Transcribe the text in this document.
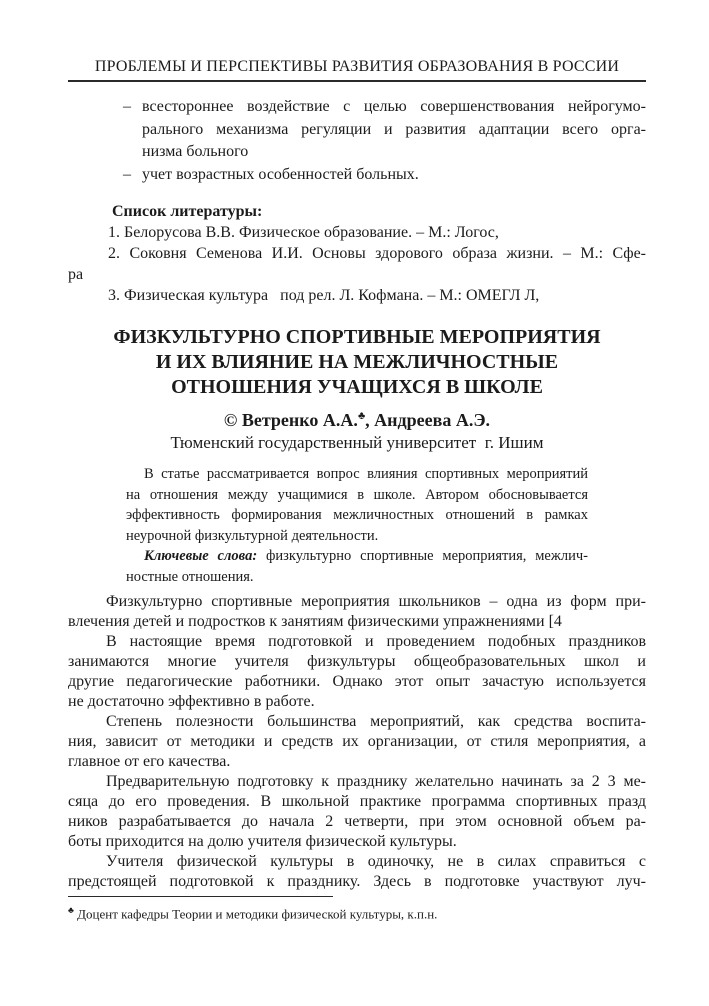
ПРОБЛЕМЫ И ПЕРСПЕКТИВЫ РАЗВИТИЯ ОБРАЗОВАНИЯ В РОССИИ
– всестороннее воздействие с целью совершенствования нейрогумо-
рального механизма регуляции и развития адаптации всего орга-
низма больного
– учет возрастных особенностей больных.
Список литературы:
1. Белорусова В.В. Физическое образование. – М.: Логос,
2. Соковня Семенова И.И. Основы здорового образа жизни. – М.: Сфе-
ра
3. Физическая культура   под рел. Л. Кофмана. – М.: ОМЕГЛ Л,
ФИЗКУЛЬТУРНО СПОРТИВНЫЕ МЕРОПРИЯТИЯ
И ИХ ВЛИЯНИЕ НА МЕЖЛИЧНОСТНЫЕ
ОТНОШЕНИЯ УЧАЩИХСЯ В ШКОЛЕ
© Ветренко А.А.♣, Андреева А.Э.
Тюменский государственный университет  г. Ишим
В статье рассматривается вопрос влияния спортивных мероприятий
на отношения между учащимися в школе. Автором обосновывается
эффективность формирования межличностных отношений в рамках
неурочной физкультурной деятельности.
Ключевые слова: физкультурно спортивные мероприятия, межлич-
ностные отношения.
Физкультурно спортивные мероприятия школьников – одна из форм при-
влечения детей и подростков к занятиям физическими упражнениями [4
В настоящие время подготовкой и проведением подобных праздников
занимаются многие учителя физкультуры общеобразовательных школ и
другие педагогические работники. Однако этот опыт зачастую используется
не достаточно эффективно в работе.
Степень полезности большинства мероприятий, как средства воспита-
ния, зависит от методики и средств их организации, от стиля мероприятия, а
главное от его качества.
Предварительную подготовку к празднику желательно начинать за 2 3 ме-
сяца до его проведения. В школьной практике программа спортивных празд
ников разрабатывается до начала 2 четверти, при этом основной объем ра-
боты приходится на долю учителя физической культуры.
Учителя физической культуры в одиночку, не в силах справиться с
предстоящей подготовкой к празднику. Здесь в подготовке участвуют луч-
♣ Доцент кафедры Теории и методики физической культуры, к.п.н.
